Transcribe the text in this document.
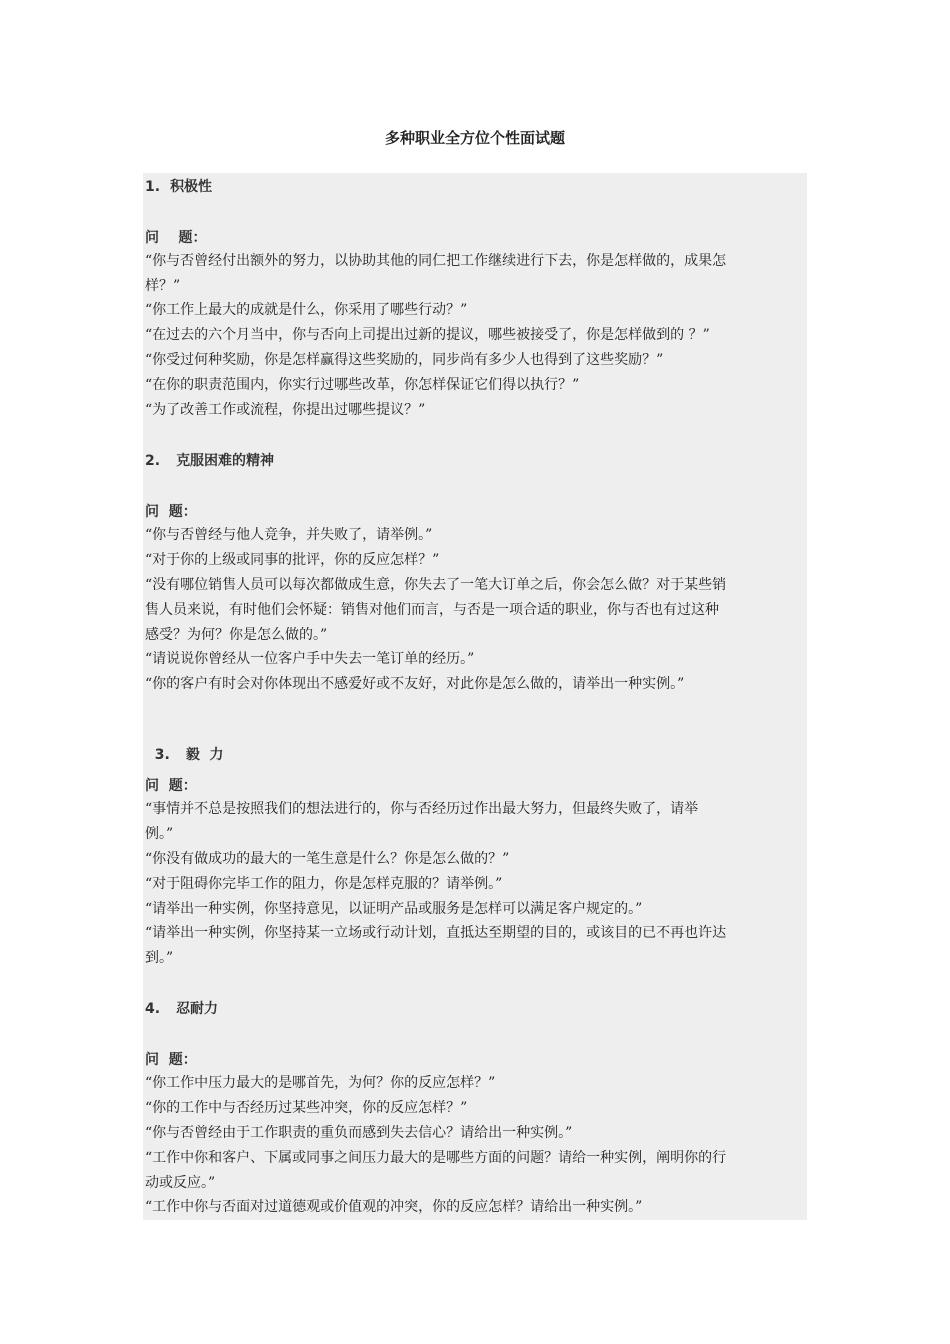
多种职业全方位个性面试题
1. 积极性
问    题：
“你与否曾经付出额外的努力，以协助其他的同仁把工作继续进行下去，你是怎样做的，成果怎
样？”
“你工作上最大的成就是什么，你采用了哪些行动？”
“在过去的六个月当中，你与否向上司提出过新的提议，哪些被接受了，你是怎样做到的 ？”
“你受过何种奖励，你是怎样赢得这些奖励的，同步尚有多少人也得到了这些奖励？”
“在你的职责范围内，你实行过哪些改革，你怎样保证它们得以执行？”
“为了改善工作或流程，你提出过哪些提议？”
2. 克服困难的精神
问  题：
“你与否曾经与他人竞争，并失败了，请举例。”
“对于你的上级或同事的批评，你的反应怎样？”
“没有哪位销售人员可以每次都做成生意，你失去了一笔大订单之后，你会怎么做？对于某些销
售人员来说，有时他们会怀疑：销售对他们而言，与否是一项合适的职业，你与否也有过这种
感受？为何？你是怎么做的。”
“请说说你曾经从一位客户手中失去一笔订单的经历。”
“你的客户有时会对你体现出不感爱好或不友好，对此你是怎么做的，请举出一种实例。”

3. 毅  力

问  题：
“事情并不总是按照我们的想法进行的，你与否经历过作出最大努力，但最终失败了，请举
例。”
“你没有做成功的最大的一笔生意是什么？你是怎么做的？”
“对于阻碍你完毕工作的阻力，你是怎样克服的？请举例。”
“请举出一种实例，你坚持意见，以证明产品或服务是怎样可以满足客户规定的。”
“请举出一种实例，你坚持某一立场或行动计划，直抵达至期望的目的，或该目的已不再也许达
到。”
4. 忍耐力
问  题：
“你工作中压力最大的是哪首先，为何？你的反应怎样？”
“你的工作中与否经历过某些冲突，你的反应怎样？”
“你与否曾经由于工作职责的重负而感到失去信心？请给出一种实例。”
“工作中你和客户、下属或同事之间压力最大的是哪些方面的问题？请给一种实例，阐明你的行
动或反应。”
“工作中你与否面对过道德观或价值观的冲突，你的反应怎样？请给出一种实例。”
